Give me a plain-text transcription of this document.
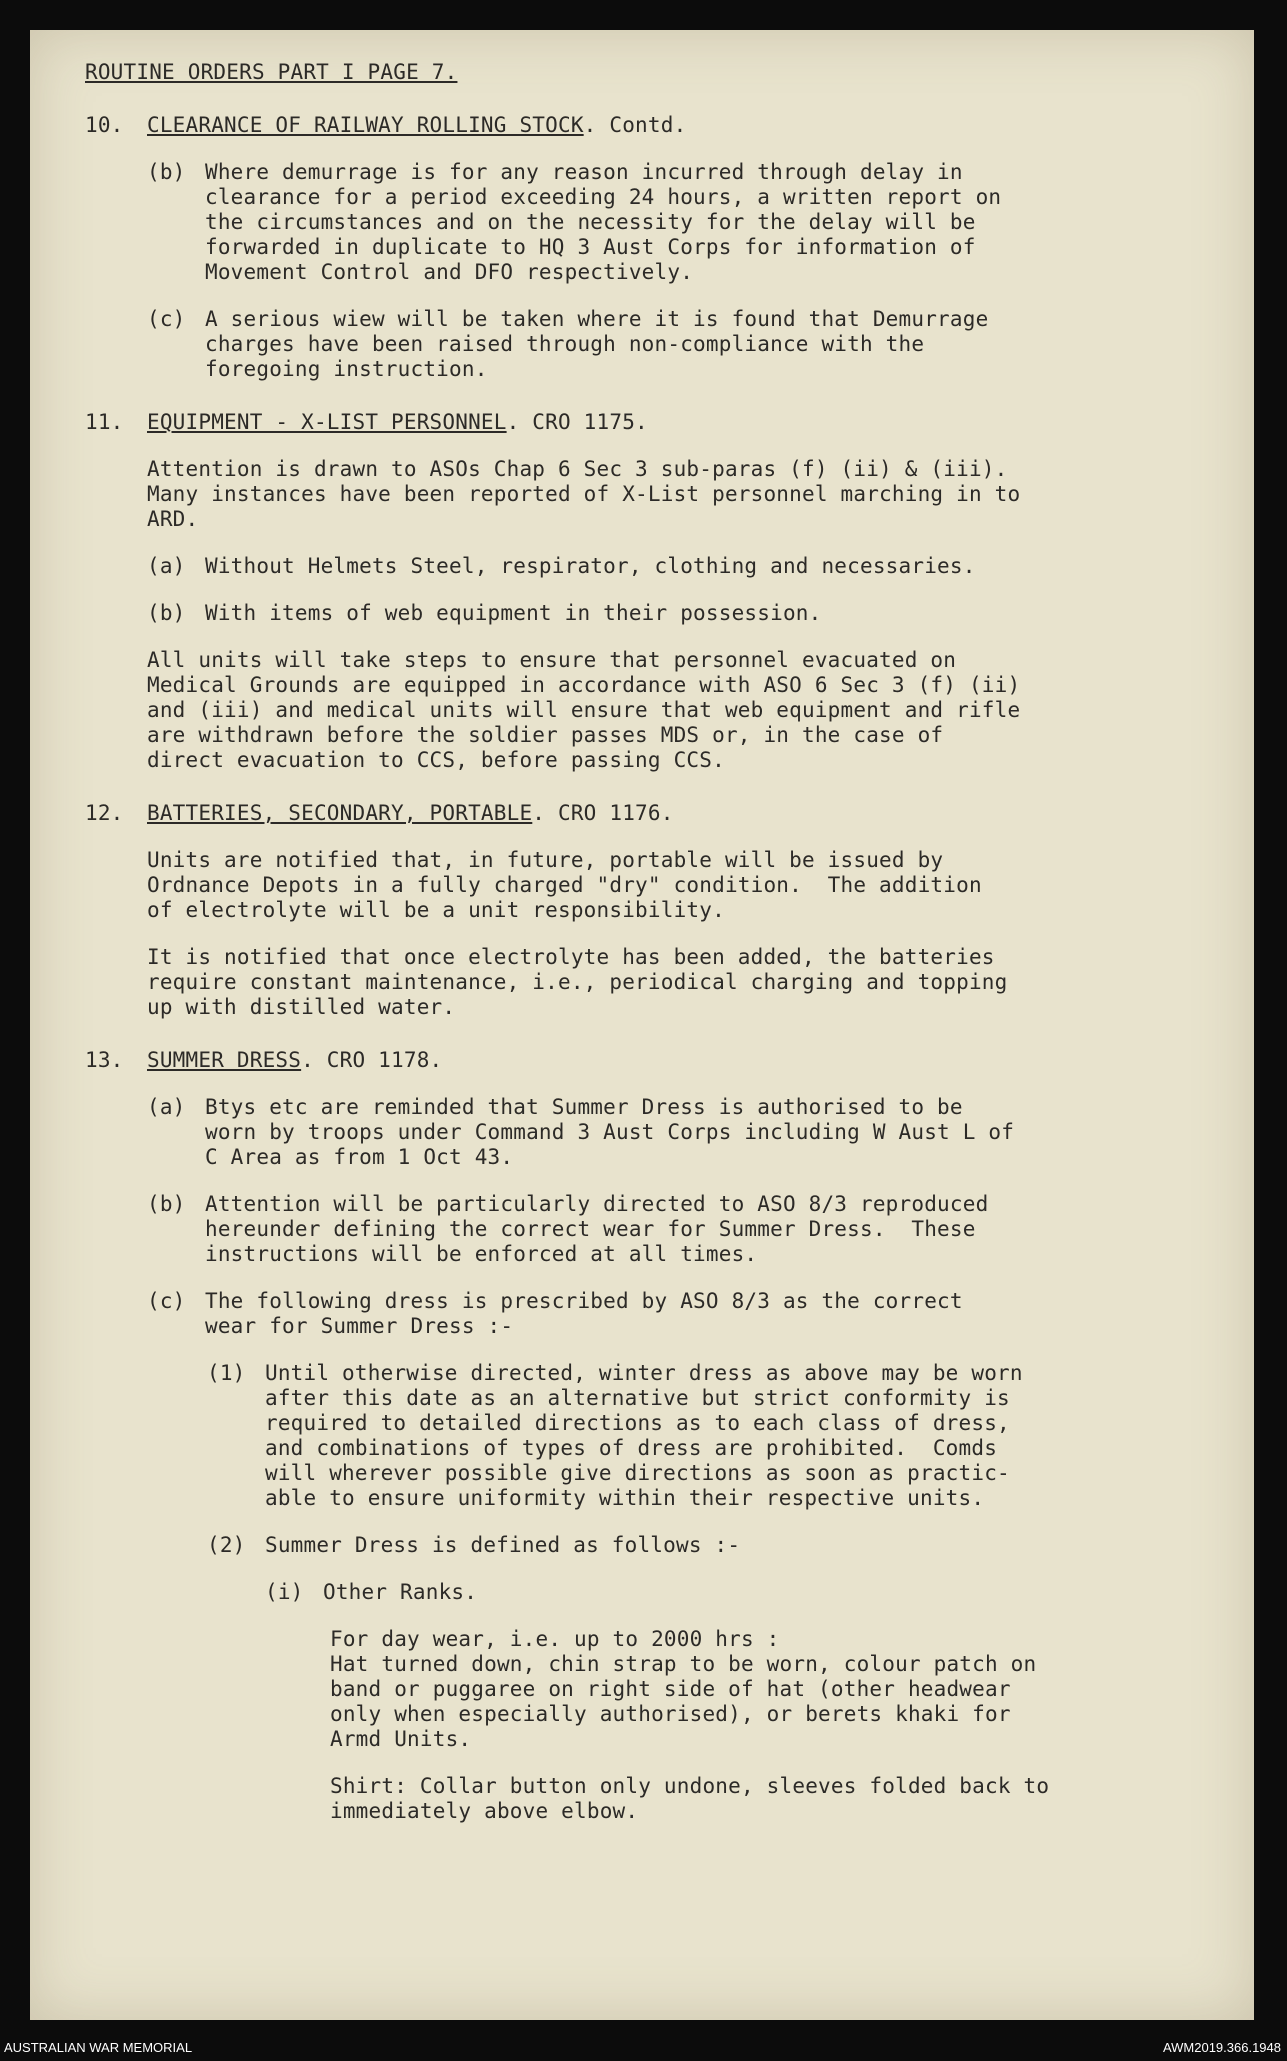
ROUTINE ORDERS PART I PAGE 7.
10.	CLEARANCE OF RAILWAY ROLLING STOCK . Contd.
(b) Where demurrage is for any reason incurred through delay in
clearance for a period exceeding 24 hours, a written report on
the circumstances and on the necessity for the delay will be
forwarded in duplicate to HQ 3 Aust Corps for information of
Movement Control and DFO respectively.
(c) A serious wiew will be taken where it is found that Demurrage
charges have been raised through non-compliance with the
foregoing instruction.
11.	EQUIPMENT - X-LIST PERSONNEL . CRO 1175.
Attention is drawn to ASOs Chap 6 Sec 3 sub-paras (f) (ii) & (iii).
Many instances have been reported of X-List personnel marching in to
ARD.
(a) Without Helmets Steel, respirator, clothing and necessaries.
(b) With items of web equipment in their possession.
All units will take steps to ensure that personnel evacuated on
Medical Grounds are equipped in accordance with ASO 6 Sec 3 (f) (ii)
and (iii) and medical units will ensure that web equipment and rifle
are withdrawn before the soldier passes MDS or, in the case of
direct evacuation to CCS, before passing CCS.
12.	BATTERIES, SECONDARY, PORTABLE . CRO 1176.
Units are notified that, in future, portable will be issued by
Ordnance Depots in a fully charged "dry" condition.  The addition
of electrolyte will be a unit responsibility.
It is notified that once electrolyte has been added, the batteries
require constant maintenance, i.e., periodical charging and topping
up with distilled water.
13.	SUMMER DRESS . CRO 1178.
(a) Btys etc are reminded that Summer Dress is authorised to be
worn by troops under Command 3 Aust Corps including W Aust L of
C Area as from 1 Oct 43.
(b) Attention will be particularly directed to ASO 8/3 reproduced
hereunder defining the correct wear for Summer Dress.  These
instructions will be enforced at all times.
(c) The following dress is prescribed by ASO 8/3 as the correct
wear for Summer Dress :-
(1) Until otherwise directed, winter dress as above may be worn
after this date as an alternative but strict conformity is
required to detailed directions as to each class of dress,
and combinations of types of dress are prohibited.  Comds
will wherever possible give directions as soon as practic-
able to ensure uniformity within their respective units.
(2) Summer Dress is defined as follows :-
(i) Other Ranks.
For day wear, i.e. up to 2000 hrs :
Hat turned down, chin strap to be worn, colour patch on
band or puggaree on right side of hat (other headwear
only when especially authorised), or berets khaki for
Armd Units.
Shirt: Collar button only undone, sleeves folded back to
immediately above elbow.
AUSTRALIAN WAR MEMORIAL	AWM2019.366.1948
